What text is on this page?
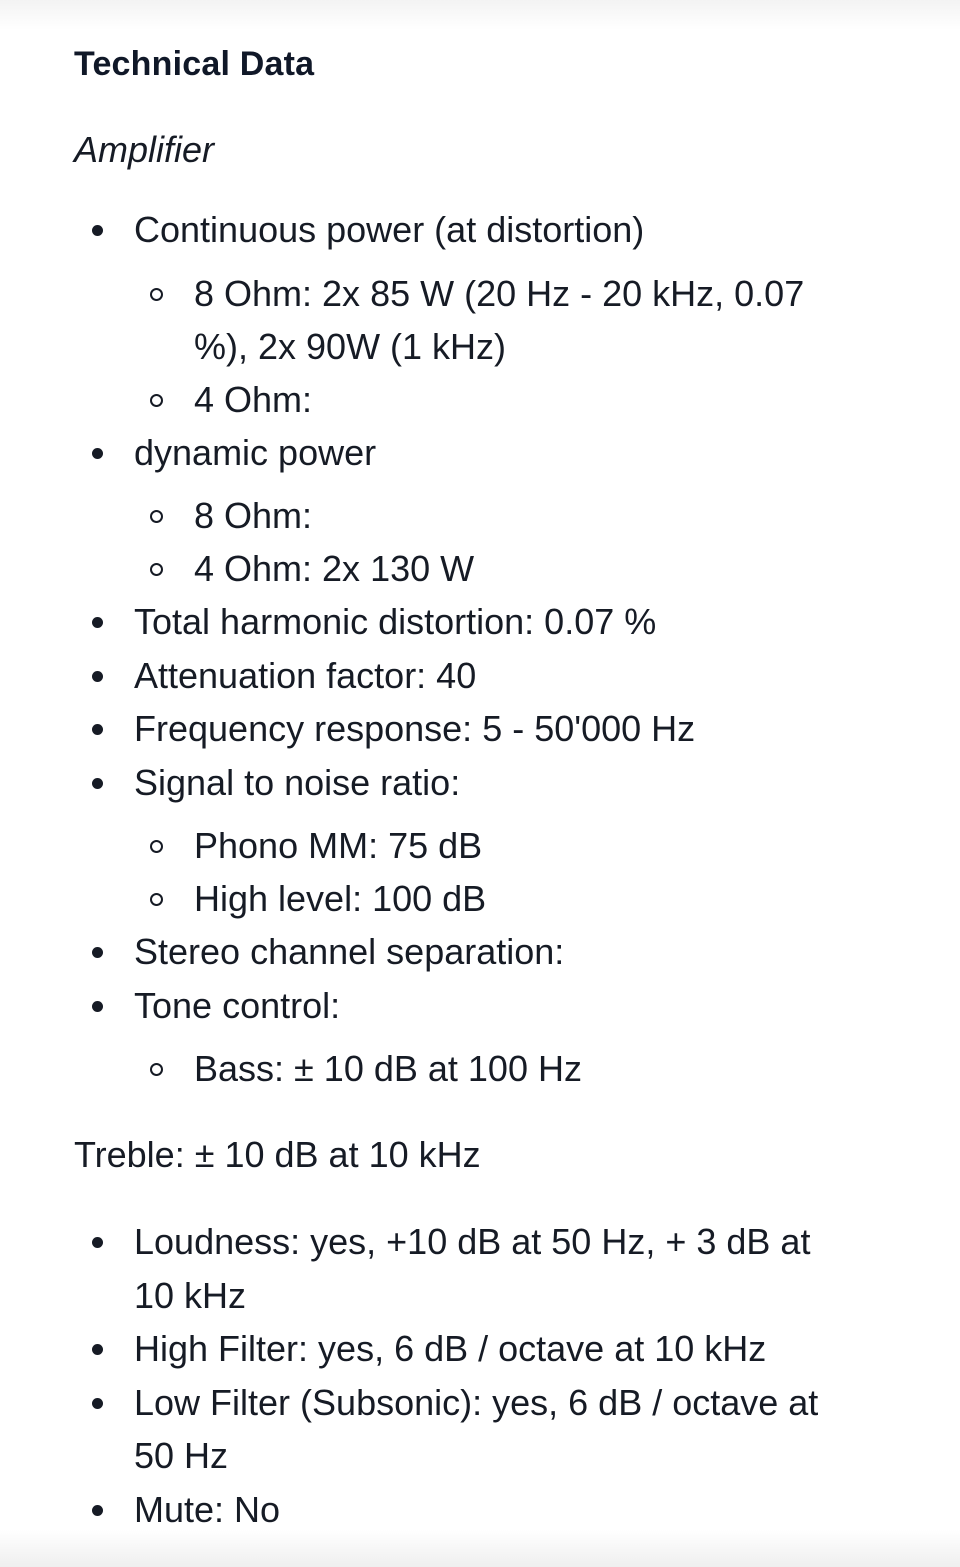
Technical Data
Amplifier
Continuous power (at distortion)
8 Ohm: 2x 85 W (20 Hz - 20 kHz, 0.07 %), 2x 90W (1 kHz)
4 Ohm:
dynamic power
8 Ohm:
4 Ohm: 2x 130 W
Total harmonic distortion: 0.07 %
Attenuation factor: 40
Frequency response: 5 - 50'000 Hz
Signal to noise ratio:
Phono MM: 75 dB
High level: 100 dB
Stereo channel separation:
Tone control:
Bass: ± 10 dB at 100 Hz

Treble: ± 10 dB at 10 kHz

Loudness: yes, +10 dB at 50 Hz, + 3 dB at 10 kHz
High Filter: yes, 6 dB / octave at 10 kHz
Low Filter (Subsonic): yes, 6 dB / octave at 50 Hz
Mute: No
